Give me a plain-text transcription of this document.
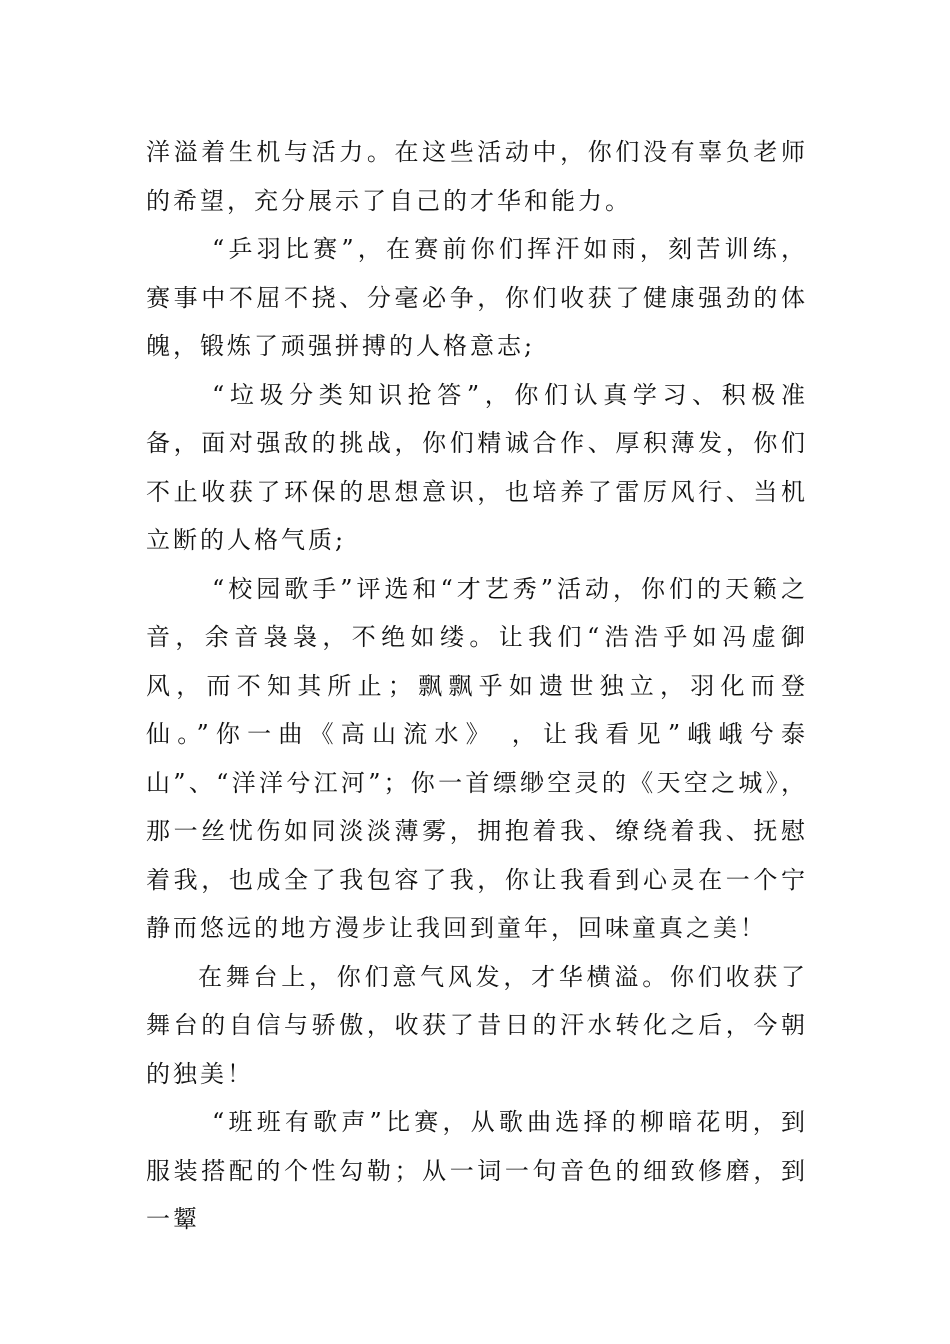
洋溢着生机与活力。在这些活动中，你们没有辜负老师的希望，充分展示了自己的才华和能力。

“乒羽比赛”，在赛前你们挥汗如雨，刻苦训练，赛事中不屈不挠、分毫必争，你们收获了健康强劲的体魄，锻炼了顽强拼搏的人格意志;

“垃圾分类知识抢答”，你们认真学习、积极准备，面对强敌的挑战，你们精诚合作、厚积薄发，你们不止收获了环保的思想意识，也培养了雷厉风行、当机立断的人格气质;

“校园歌手”评选和“才艺秀”活动，你们的天籁之音，余音袅袅，不绝如缕。让我们“浩浩乎如冯虚御风，而不知其所止；飘飘乎如遗世独立，羽化而登仙。”你一曲《高山流水》 ，让我看见”峨峨兮泰山”、“洋洋兮江河”；你一首缥缈空灵的《天空之城》，那一丝忧伤如同淡淡薄雾，拥抱着我、缭绕着我、抚慰着我，也成全了我包容了我，你让我看到心灵在一个宁静而悠远的地方漫步让我回到童年，回味童真之美！

在舞台上，你们意气风发，才华横溢。你们收获了舞台的自信与骄傲，收获了昔日的汗水转化之后，今朝的独美！

“班班有歌声”比赛，从歌曲选择的柳暗花明，到服装搭配的个性勾勒；从一词一句音色的细致修磨，到一颦
